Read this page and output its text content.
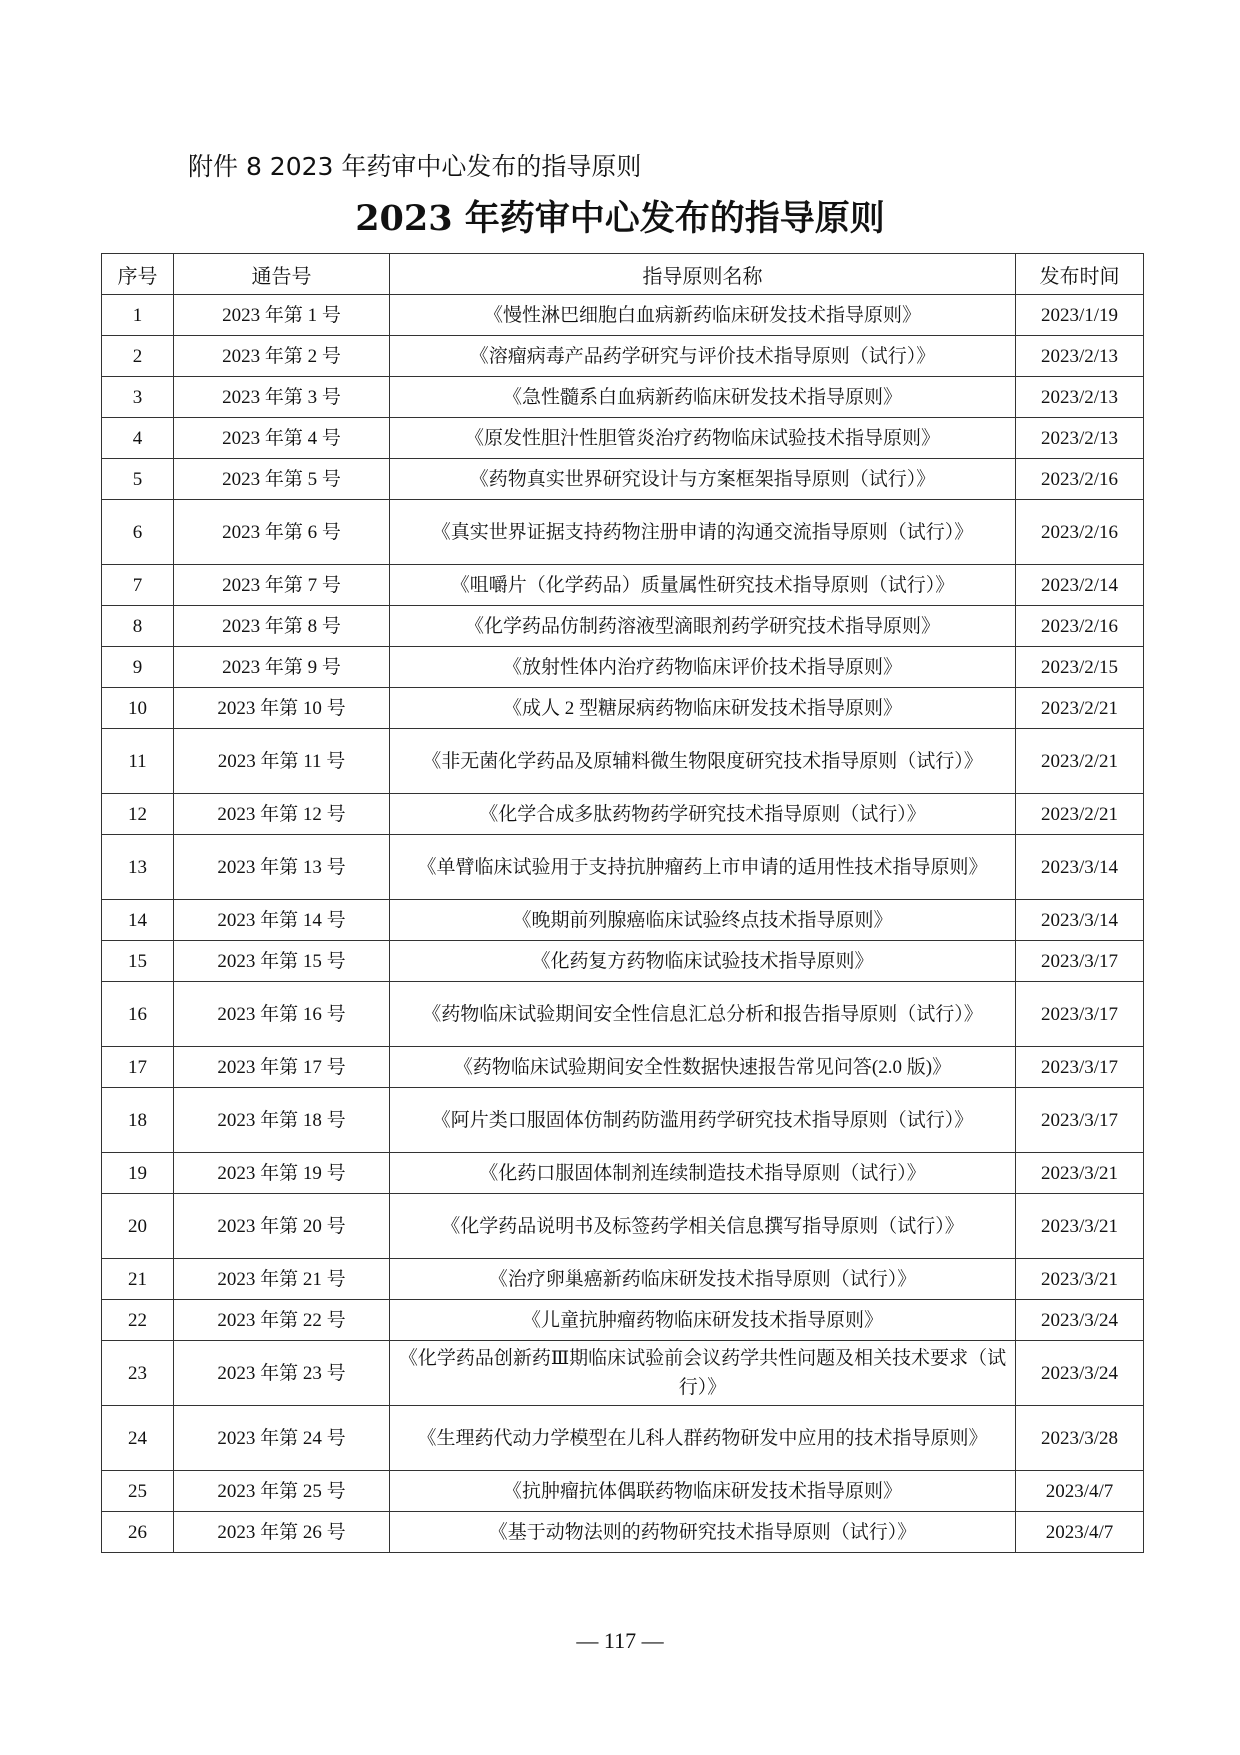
附件 8 2023 年药审中心发布的指导原则
2023 年药审中心发布的指导原则
序号	通告号	指导原则名称	发布时间
1	2023 年第 1 号	《慢性淋巴细胞白血病新药临床研发技术指导原则》	2023/1/19
2	2023 年第 2 号	《溶瘤病毒产品药学研究与评价技术指导原则（试行）》	2023/2/13
3	2023 年第 3 号	《急性髓系白血病新药临床研发技术指导原则》	2023/2/13
4	2023 年第 4 号	《原发性胆汁性胆管炎治疗药物临床试验技术指导原则》	2023/2/13
5	2023 年第 5 号	《药物真实世界研究设计与方案框架指导原则（试行）》	2023/2/16
6	2023 年第 6 号	《真实世界证据支持药物注册申请的沟通交流指导原则（试行）》	2023/2/16
7	2023 年第 7 号	《咀嚼片（化学药品）质量属性研究技术指导原则（试行）》	2023/2/14
8	2023 年第 8 号	《化学药品仿制药溶液型滴眼剂药学研究技术指导原则》	2023/2/16
9	2023 年第 9 号	《放射性体内治疗药物临床评价技术指导原则》	2023/2/15
10	2023 年第 10 号	《成人 2 型糖尿病药物临床研发技术指导原则》	2023/2/21
11	2023 年第 11 号	《非无菌化学药品及原辅料微生物限度研究技术指导原则（试行）》	2023/2/21
12	2023 年第 12 号	《化学合成多肽药物药学研究技术指导原则（试行）》	2023/2/21
13	2023 年第 13 号	《单臂临床试验用于支持抗肿瘤药上市申请的适用性技术指导原则》	2023/3/14
14	2023 年第 14 号	《晚期前列腺癌临床试验终点技术指导原则》	2023/3/14
15	2023 年第 15 号	《化药复方药物临床试验技术指导原则》	2023/3/17
16	2023 年第 16 号	《药物临床试验期间安全性信息汇总分析和报告指导原则（试行）》	2023/3/17
17	2023 年第 17 号	《药物临床试验期间安全性数据快速报告常见问答(2.0 版)》	2023/3/17
18	2023 年第 18 号	《阿片类口服固体仿制药防滥用药学研究技术指导原则（试行）》	2023/3/17
19	2023 年第 19 号	《化药口服固体制剂连续制造技术指导原则（试行）》	2023/3/21
20	2023 年第 20 号	《化学药品说明书及标签药学相关信息撰写指导原则（试行）》	2023/3/21
21	2023 年第 21 号	《治疗卵巢癌新药临床研发技术指导原则（试行）》	2023/3/21
22	2023 年第 22 号	《儿童抗肿瘤药物临床研发技术指导原则》	2023/3/24
23	2023 年第 23 号	《化学药品创新药Ⅲ期临床试验前会议药学共性问题及相关技术要求（试行）》	2023/3/24
24	2023 年第 24 号	《生理药代动力学模型在儿科人群药物研发中应用的技术指导原则》	2023/3/28
25	2023 年第 25 号	《抗肿瘤抗体偶联药物临床研发技术指导原则》	2023/4/7
26	2023 年第 26 号	《基于动物法则的药物研究技术指导原则（试行）》	2023/4/7
— 117 —
